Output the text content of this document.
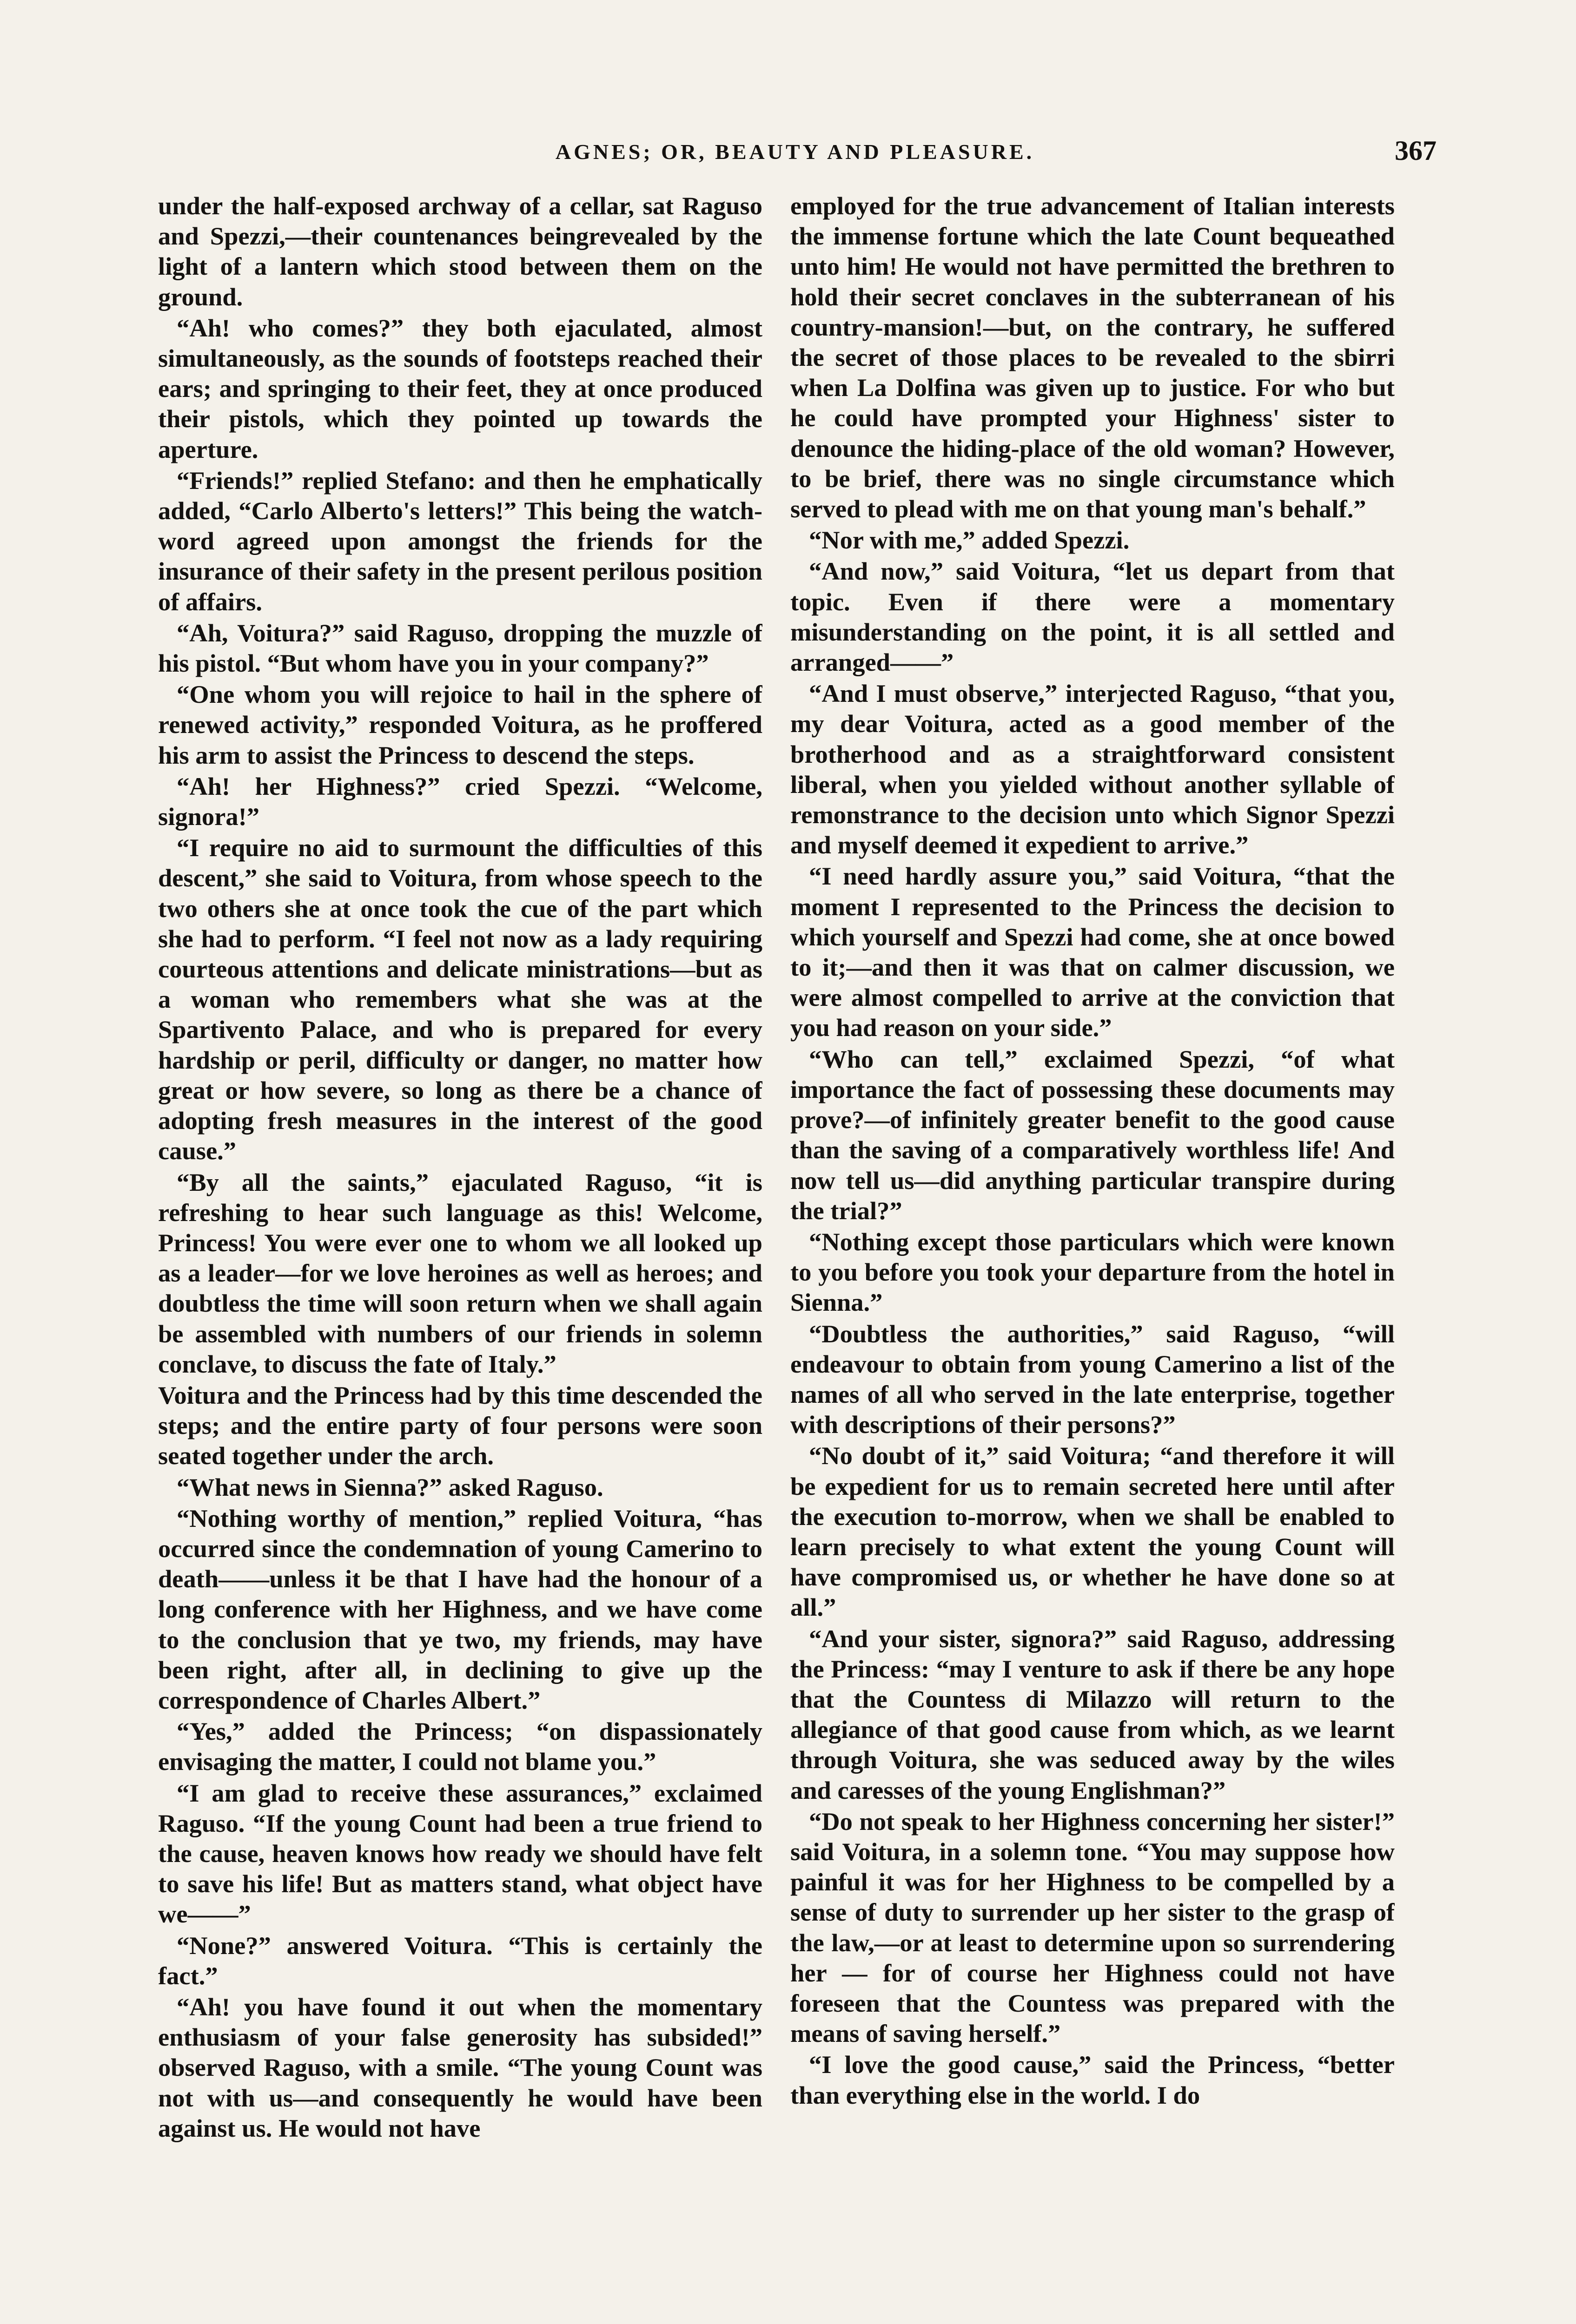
AGNES; OR, BEAUTY AND PLEASURE.	367

under the half-exposed archway of a cellar, sat Raguso and Spezzi,—their countenances beingrevealed by the light of a lantern which stood between them on the ground.

“Ah! who comes?” they both ejaculated, almost simultaneously, as the sounds of footsteps reached their ears; and springing to their feet, they at once produced their pistols, which they pointed up towards the aperture.

“Friends!” replied Stefano: and then he emphatically added, “Carlo Alberto's letters!” This being the watch-word agreed upon amongst the friends for the insurance of their safety in the present perilous position of affairs.

“Ah, Voitura?” said Raguso, dropping the muzzle of his pistol. “But whom have you in your company?”

“One whom you will rejoice to hail in the sphere of renewed activity,” responded Voitura, as he proffered his arm to assist the Princess to descend the steps.

“Ah! her Highness?” cried Spezzi. “Welcome, signora!”

“I require no aid to surmount the difficulties of this descent,” she said to Voitura, from whose speech to the two others she at once took the cue of the part which she had to perform. “I feel not now as a lady requiring courteous attentions and delicate ministrations—but as a woman who remembers what she was at the Spartivento Palace, and who is prepared for every hardship or peril, difficulty or danger, no matter how great or how severe, so long as there be a chance of adopting fresh measures in the interest of the good cause.”

“By all the saints,” ejaculated Raguso, “it is refreshing to hear such language as this! Welcome, Princess! You were ever one to whom we all looked up as a leader—for we love heroines as well as heroes; and doubtless the time will soon return when we shall again be assembled with numbers of our friends in solemn conclave, to discuss the fate of Italy.”

Voitura and the Princess had by this time descended the steps; and the entire party of four persons were soon seated together under the arch.

“What news in Sienna?” asked Raguso.

“Nothing worthy of mention,” replied Voitura, “has occurred since the condemnation of young Camerino to death——unless it be that I have had the honour of a long conference with her Highness, and we have come to the conclusion that ye two, my friends, may have been right, after all, in declining to give up the correspondence of Charles Albert.”

“Yes,” added the Princess; “on dispassionately envisaging the matter, I could not blame you.”

“I am glad to receive these assurances,” exclaimed Raguso. “If the young Count had been a true friend to the cause, heaven knows how ready we should have felt to save his life! But as matters stand, what object have we——”

“None?” answered Voitura. “This is certainly the fact.”

“Ah! you have found it out when the momentary enthusiasm of your false generosity has subsided!” observed Raguso, with a smile. “The young Count was not with us—and consequently he would have been against us. He would not have

employed for the true advancement of Italian interests the immense fortune which the late Count bequeathed unto him! He would not have permitted the brethren to hold their secret conclaves in the subterranean of his country-mansion!—but, on the contrary, he suffered the secret of those places to be revealed to the sbirri when La Dolfina was given up to justice. For who but he could have prompted your Highness' sister to denounce the hiding-place of the old woman? However, to be brief, there was no single circumstance which served to plead with me on that young man's behalf.”

“Nor with me,” added Spezzi.

“And now,” said Voitura, “let us depart from that topic. Even if there were a momentary misunderstanding on the point, it is all settled and arranged——”

“And I must observe,” interjected Raguso, “that you, my dear Voitura, acted as a good member of the brotherhood and as a straightforward consistent liberal, when you yielded without another syllable of remonstrance to the decision unto which Signor Spezzi and myself deemed it expedient to arrive.”

“I need hardly assure you,” said Voitura, “that the moment I represented to the Princess the decision to which yourself and Spezzi had come, she at once bowed to it;—and then it was that on calmer discussion, we were almost compelled to arrive at the conviction that you had reason on your side.”

“Who can tell,” exclaimed Spezzi, “of what importance the fact of possessing these documents may prove?—of infinitely greater benefit to the good cause than the saving of a comparatively worthless life! And now tell us—did anything particular transpire during the trial?”

“Nothing except those particulars which were known to you before you took your departure from the hotel in Sienna.”

“Doubtless the authorities,” said Raguso, “will endeavour to obtain from young Camerino a list of the names of all who served in the late enterprise, together with descriptions of their persons?”

“No doubt of it,” said Voitura; “and therefore it will be expedient for us to remain secreted here until after the execution to-morrow, when we shall be enabled to learn precisely to what extent the young Count will have compromised us, or whether he have done so at all.”

“And your sister, signora?” said Raguso, addressing the Princess: “may I venture to ask if there be any hope that the Countess di Milazzo will return to the allegiance of that good cause from which, as we learnt through Voitura, she was seduced away by the wiles and caresses of the young Englishman?”

“Do not speak to her Highness concerning her sister!” said Voitura, in a solemn tone. “You may suppose how painful it was for her Highness to be compelled by a sense of duty to surrender up her sister to the grasp of the law,—or at least to determine upon so surrendering her — for of course her Highness could not have foreseen that the Countess was prepared with the means of saving herself.”

“I love the good cause,” said the Princess, “better than everything else in the world. I do
